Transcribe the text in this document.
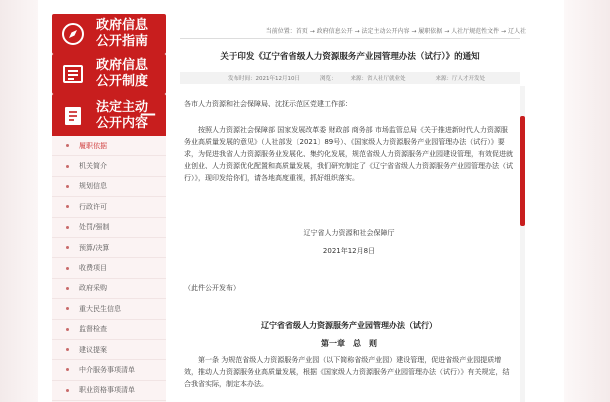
政府信息
公开指南
政府信息
公开制度
法定主动
公开内容
—
履职依据
机关简介
规划信息
行政许可
处罚/强制
预算/决算
收费项目
政府采购
重大民生信息
监督检查
建议提案
中介服务事项清单
职业资格事项清单
当前位置：首页 → 政府信息公开 → 法定主动公开内容 → 履职依据 → 人社厅规范性文件 → 辽人社
关于印发《辽宁省省级人力资源服务产业园管理办法（试行）》的通知
发布时间：2021年12月10日	浏览：	来源：省人社厅就业处	来源：厅人才开发处
各市人力资源和社会保障局、沈抚示范区党建工作部：
按照人力资源社会保障部 国家发展改革委 财政部 商务部 市场监管总局《关于推进新时代人力资源服务业高质量发展的意见》（人社部发〔2021〕89号）、《国家级人力资源服务产业园管理办法（试行）》要求，为促进我省人力资源服务业发展化、集约化发展，规范省级人力资源服务产业园建设管理，有效促进就业创业、人力资源优化配置和高质量发展，我们研究制定了《辽宁省省级人力资源服务产业园管理办法（试行）》，现印发给你们，请各地高度重视，抓好组织落实。
辽宁省人力资源和社会保障厅
2021年12月8日
（此件公开发布）
辽宁省省级人力资源服务产业园管理办法（试行）
第一章　总　则
第一条 为规范省级人力资源服务产业园（以下简称省级产业园）建设管理，促进省级产业园提质增效，推动人力资源服务业高质量发展，根据《国家级人力资源服务产业园管理办法（试行）》有关规定，结合我省实际，制定本办法。
